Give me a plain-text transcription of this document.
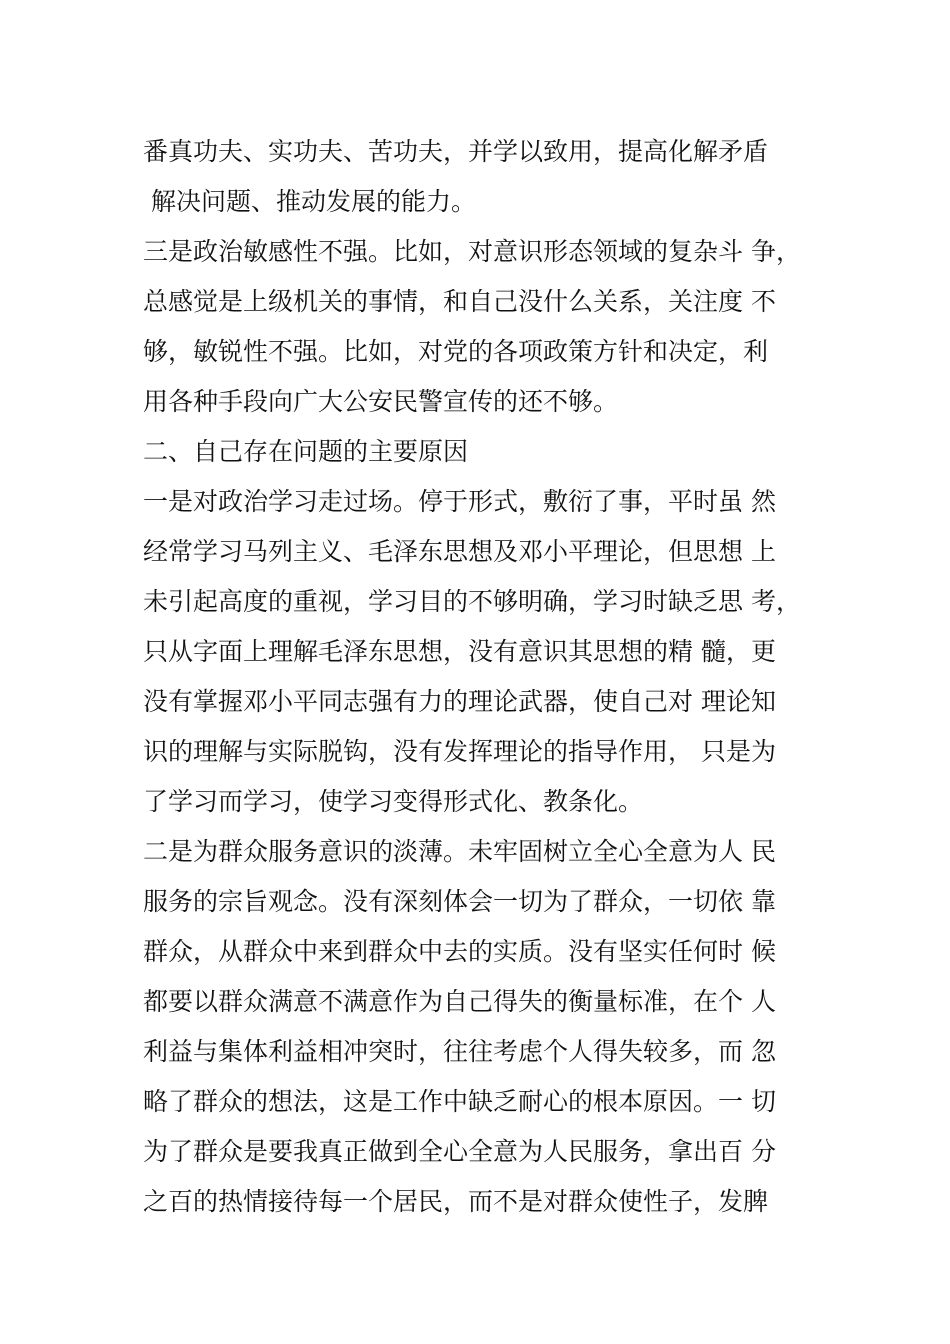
番真功夫、实功夫、苦功夫，并学以致用，提高化解矛盾
解决问题、推动发展的能力。
三是政治敏感性不强。比如，对意识形态领域的复杂斗 争，
总感觉是上级机关的事情，和自己没什么关系，关注度 不
够，敏锐性不强。比如，对党的各项政策方针和决定，利
用各种手段向广大公安民警宣传的还不够。
二、自己存在问题的主要原因
一是对政治学习走过场。停于形式，敷衍了事，平时虽 然
经常学习马列主义、毛泽东思想及邓小平理论，但思想 上
未引起高度的重视，学习目的不够明确，学习时缺乏思 考，
只从字面上理解毛泽东思想，没有意识其思想的精 髓，更
没有掌握邓小平同志强有力的理论武器，使自己对 理论知
识的理解与实际脱钩，没有发挥理论的指导作用， 只是为
了学习而学习，使学习变得形式化、教条化。
二是为群众服务意识的淡薄。未牢固树立全心全意为人 民
服务的宗旨观念。没有深刻体会一切为了群众，一切依 靠
群众，从群众中来到群众中去的实质。没有坚实任何时 候
都要以群众满意不满意作为自己得失的衡量标准，在个 人
利益与集体利益相冲突时，往往考虑个人得失较多，而 忽
略了群众的想法，这是工作中缺乏耐心的根本原因。一 切
为了群众是要我真正做到全心全意为人民服务，拿出百 分
之百的热情接待每一个居民，而不是对群众使性子，发脾
